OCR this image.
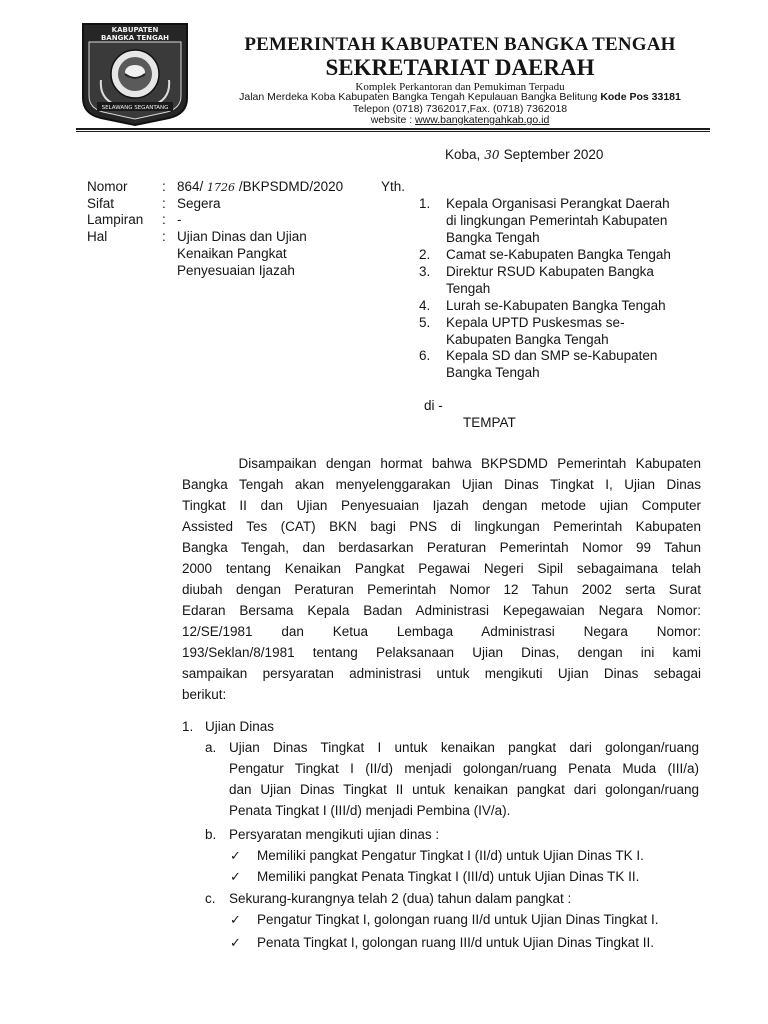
KABUPATEN
BANGKA TENGAH
SELAWANG SEGANTANG
PEMERINTAH KABUPATEN BANGKA TENGAH
SEKRETARIAT DAERAH
Komplek Perkantoran dan Pemukiman Terpadu
Jalan Merdeka Koba Kabupaten Bangka Tengah Kepulauan Bangka Belitung Kode Pos 33181
Telepon (0718) 7362017,Fax. (0718) 7362018
website : www.bangkatengahkab.go.id
Koba, 30 September 2020
Nomor	: 864/ 1726 /BKPSDMD/2020	Yth.
Sifat	: Segera
Lampiran : -
Hal	: Ujian Dinas dan Ujian
Kenaikan Pangkat
Penyesuaian Ijazah
1.	Kepala Organisasi Perangkat Daerah
di lingkungan Pemerintah Kabupaten
Bangka Tengah
2.	Camat se-Kabupaten Bangka Tengah
3.	Direktur RSUD Kabupaten Bangka
Tengah
4.	Lurah se-Kabupaten Bangka Tengah
5.	Kepala UPTD Puskesmas se-
Kabupaten Bangka Tengah
6.	Kepala SD dan SMP se-Kabupaten
Bangka Tengah
di -
TEMPAT
Disampaikan dengan hormat bahwa BKPSDMD Pemerintah Kabupaten
Bangka Tengah akan menyelenggarakan Ujian Dinas Tingkat I, Ujian Dinas
Tingkat II dan Ujian Penyesuaian Ijazah dengan metode ujian Computer
Assisted Tes (CAT) BKN bagi PNS di lingkungan Pemerintah Kabupaten
Bangka Tengah, dan berdasarkan Peraturan Pemerintah Nomor 99 Tahun
2000 tentang Kenaikan Pangkat Pegawai Negeri Sipil sebagaimana telah
diubah dengan Peraturan Pemerintah Nomor 12 Tahun 2002 serta Surat
Edaran Bersama Kepala Badan Administrasi Kepegawaian Negara Nomor:
12/SE/1981 dan Ketua Lembaga Administrasi Negara Nomor:
193/Seklan/8/1981 tentang Pelaksanaan Ujian Dinas, dengan ini kami
sampaikan persyaratan administrasi untuk mengikuti Ujian Dinas sebagai
berikut:
1. Ujian Dinas
a. Ujian Dinas Tingkat I untuk kenaikan pangkat dari golongan/ruang
Pengatur Tingkat I (II/d) menjadi golongan/ruang Penata Muda (III/a)
dan Ujian Dinas Tingkat II untuk kenaikan pangkat dari golongan/ruang
Penata Tingkat I (III/d) menjadi Pembina (IV/a).
b. Persyaratan mengikuti ujian dinas :
✓ Memiliki pangkat Pengatur Tingkat I (II/d) untuk Ujian Dinas TK I.
✓ Memiliki pangkat Penata Tingkat I (III/d) untuk Ujian Dinas TK II.
c. Sekurang-kurangnya telah 2 (dua) tahun dalam pangkat :
✓ Pengatur Tingkat I, golongan ruang II/d untuk Ujian Dinas Tingkat I.
✓ Penata Tingkat I, golongan ruang III/d untuk Ujian Dinas Tingkat II.
